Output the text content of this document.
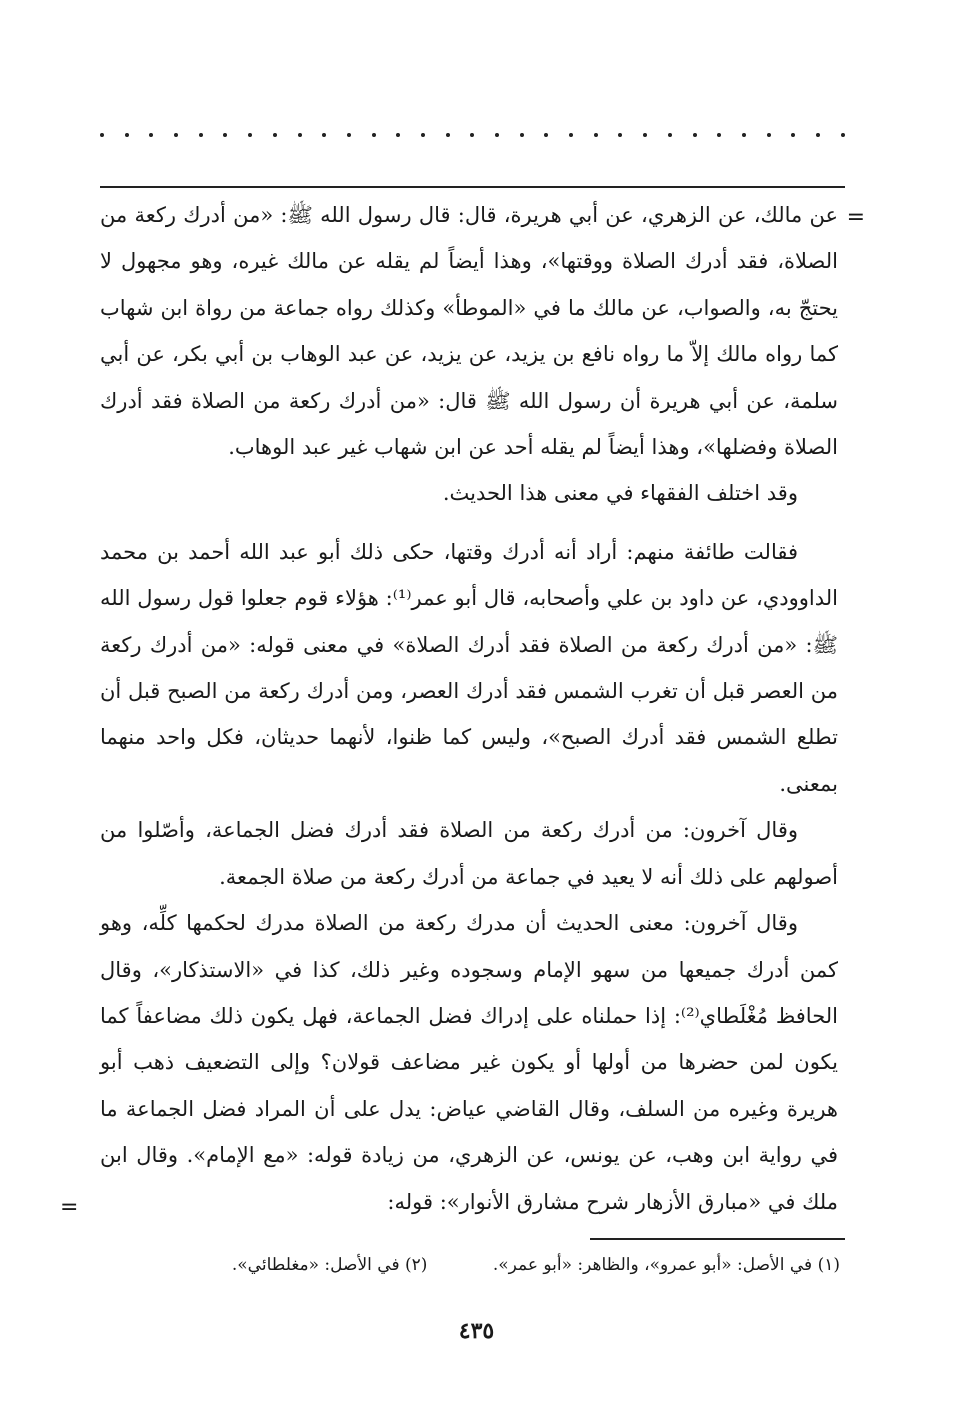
=

عن مالك، عن الزهري، عن أبي هريرة، قال: قال رسول الله ﷺ: «من أدرك ركعة من الصلاة، فقد أدرك الصلاة ووقتها»، وهذا أيضاً لم يقله عن مالك غيره، وهو مجهول لا يحتجّ به، والصواب، عن مالك ما في «الموطأ» وكذلك رواه جماعة من رواة ابن شهاب كما رواه مالك إلاّ ما رواه نافع بن يزيد، عن يزيد، عن عبد الوهاب بن أبي بكر، عن أبي سلمة، عن أبي هريرة أن رسول الله ﷺ قال: «من أدرك ركعة من الصلاة فقد أدرك الصلاة وفضلها»، وهذا أيضاً لم يقله أحد عن ابن شهاب غير عبد الوهاب.

وقد اختلف الفقهاء في معنى هذا الحديث.

فقالت طائفة منهم: أراد أنه أدرك وقتها، حكى ذلك أبو عبد الله أحمد بن محمد الداوودي، عن داود بن علي وأصحابه، قال أبو عمر⁽¹⁾: هؤلاء قوم جعلوا قول رسول الله ﷺ: «من أدرك ركعة من الصلاة فقد أدرك الصلاة» في معنى قوله: «من أدرك ركعة من العصر قبل أن تغرب الشمس فقد أدرك العصر، ومن أدرك ركعة من الصبح قبل أن تطلع الشمس فقد أدرك الصبح»، وليس كما ظنوا، لأنهما حديثان، فكل واحد منهما بمعنى.

وقال آخرون: من أدرك ركعة من الصلاة فقد أدرك فضل الجماعة، وأصّلوا من أصولهم على ذلك أنه لا يعيد في جماعة من أدرك ركعة من صلاة الجمعة.

وقال آخرون: معنى الحديث أن مدرك ركعة من الصلاة مدرك لحكمها كلِّه، وهو كمن أدرك جميعها من سهو الإمام وسجوده وغير ذلك، كذا في «الاستذكار»، وقال الحافظ مُغْلَطاي⁽²⁾: إذا حملناه على إدراك فضل الجماعة، فهل يكون ذلك مضاعفاً كما يكون لمن حضرها من أولها أو يكون غير مضاعف قولان؟ وإلى التضعيف ذهب أبو هريرة وغيره من السلف، وقال القاضي عياض: يدل على أن المراد فضل الجماعة ما في رواية ابن وهب، عن يونس، عن الزهري، من زيادة قوله: «مع الإمام». وقال ابن ملك في «مبارق الأزهار شرح مشارق الأنوار»: قوله:

=
(١) في الأصل: «أبو عمرو»، والظاهر: «أبو عمر». (٢) في الأصل: «مغلطائي».
٤٣٥
